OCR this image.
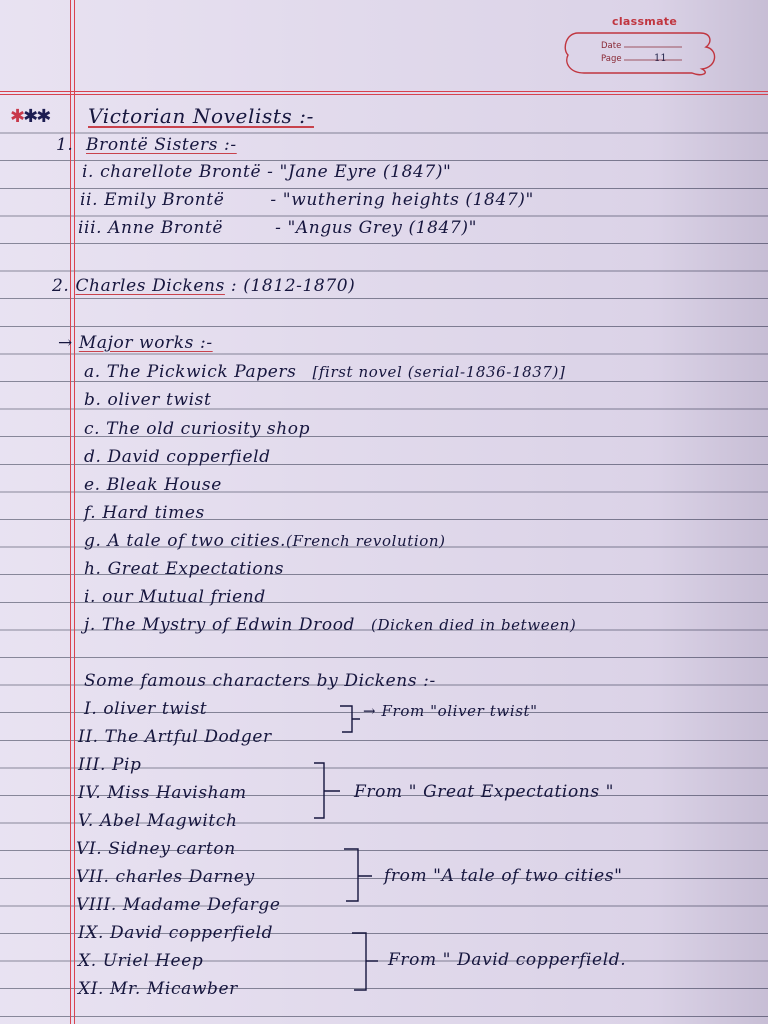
classmate
Date
Page	11
✱✱✱ Victorian Novelists :-
1. Brontë Sisters :-
i. charellote Brontë - "Jane Eyre (1847)"
ii. Emily Brontë	- "wuthering heights (1847)"
iii. Anne Brontë	- "Angus Grey (1847)"
2. Charles Dickens : (1812-1870)
→ Major works :-
a. The Pickwick Papers [first novel (serial-1836-1837)]
b. oliver twist
c. The old curiosity shop
d. David copperfield
e. Bleak House
f. Hard times
g. A tale of two cities.(French revolution)
h. Great Expectations
i. our Mutual friend
j. The Mystry of Edwin Drood (Dicken died in between)
Some famous characters by Dickens :-
I. oliver twist
II. The Artful Dodger
III. Pip
IV. Miss Havisham
V. Abel Magwitch
VI. Sidney carton
VII. charles Darney
VIII. Madame Defarge
IX. David copperfield
X. Uriel Heep
XI. Mr. Micawber
→ From "oliver twist"
From " Great Expectations "
from "A tale of two cities"
From " David copperfield.
